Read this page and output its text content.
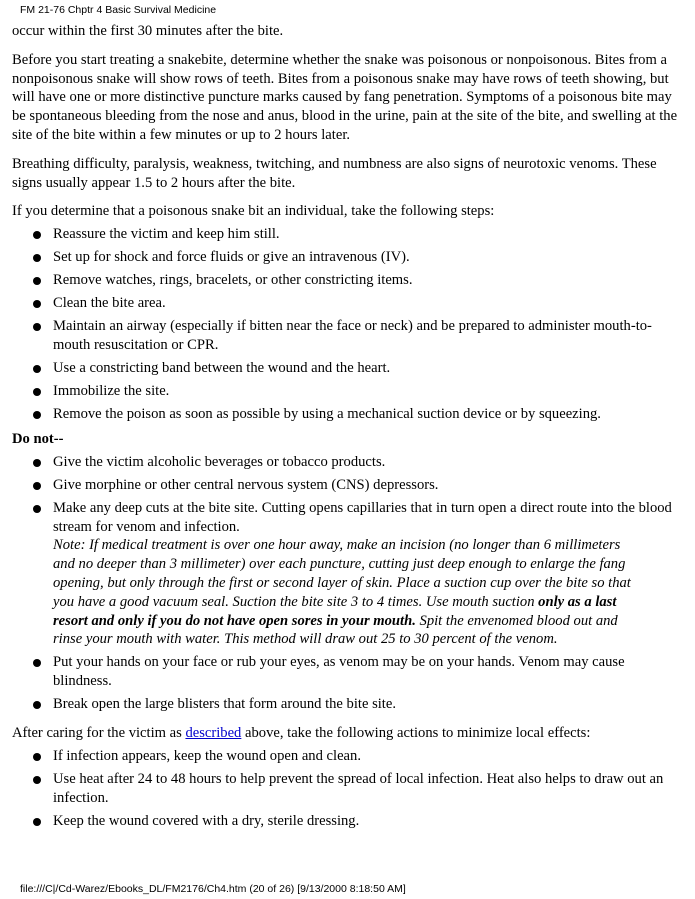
FM 21-76 Chptr 4 Basic Survival Medicine

occur within the first 30 minutes after the bite.

Before you start treating a snakebite, determine whether the snake was poisonous or nonpoisonous. Bites from a nonpoisonous snake will show rows of teeth. Bites from a poisonous snake may have rows of teeth showing, but will have one or more distinctive puncture marks caused by fang penetration. Symptoms of a poisonous bite may be spontaneous bleeding from the nose and anus, blood in the urine, pain at the site of the bite, and swelling at the site of the bite within a few minutes or up to 2 hours later.

Breathing difficulty, paralysis, weakness, twitching, and numbness are also signs of neurotoxic venoms. These signs usually appear 1.5 to 2 hours after the bite.

If you determine that a poisonous snake bit an individual, take the following steps:

Reassure the victim and keep him still.
Set up for shock and force fluids or give an intravenous (IV).
Remove watches, rings, bracelets, or other constricting items.
Clean the bite area.
Maintain an airway (especially if bitten near the face or neck) and be prepared to administer mouth-to-mouth resuscitation or CPR.
Use a constricting band between the wound and the heart.
Immobilize the site.
Remove the poison as soon as possible by using a mechanical suction device or by squeezing.

Do not--

Give the victim alcoholic beverages or tobacco products.
Give morphine or other central nervous system (CNS) depressors.
Make any deep cuts at the bite site. Cutting opens capillaries that in turn open a direct route into the blood stream for venom and infection.

Note: If medical treatment is over one hour away, make an incision (no longer than 6 millimeters and no deeper than 3 millimeter) over each puncture, cutting just deep enough to enlarge the fang opening, but only through the first or second layer of skin. Place a suction cup over the bite so that you have a good vacuum seal. Suction the bite site 3 to 4 times. Use mouth suction only as a last resort and only if you do not have open sores in your mouth. Spit the envenomed blood out and rinse your mouth with water. This method will draw out 25 to 30 percent of the venom.

Put your hands on your face or rub your eyes, as venom may be on your hands. Venom may cause blindness.
Break open the large blisters that form around the bite site.

After caring for the victim as described above, take the following actions to minimize local effects:

If infection appears, keep the wound open and clean.
Use heat after 24 to 48 hours to help prevent the spread of local infection. Heat also helps to draw out an infection.
Keep the wound covered with a dry, sterile dressing.
file:///C|/Cd-Warez/Ebooks_DL/FM2176/Ch4.htm (20 of 26) [9/13/2000 8:18:50 AM]
